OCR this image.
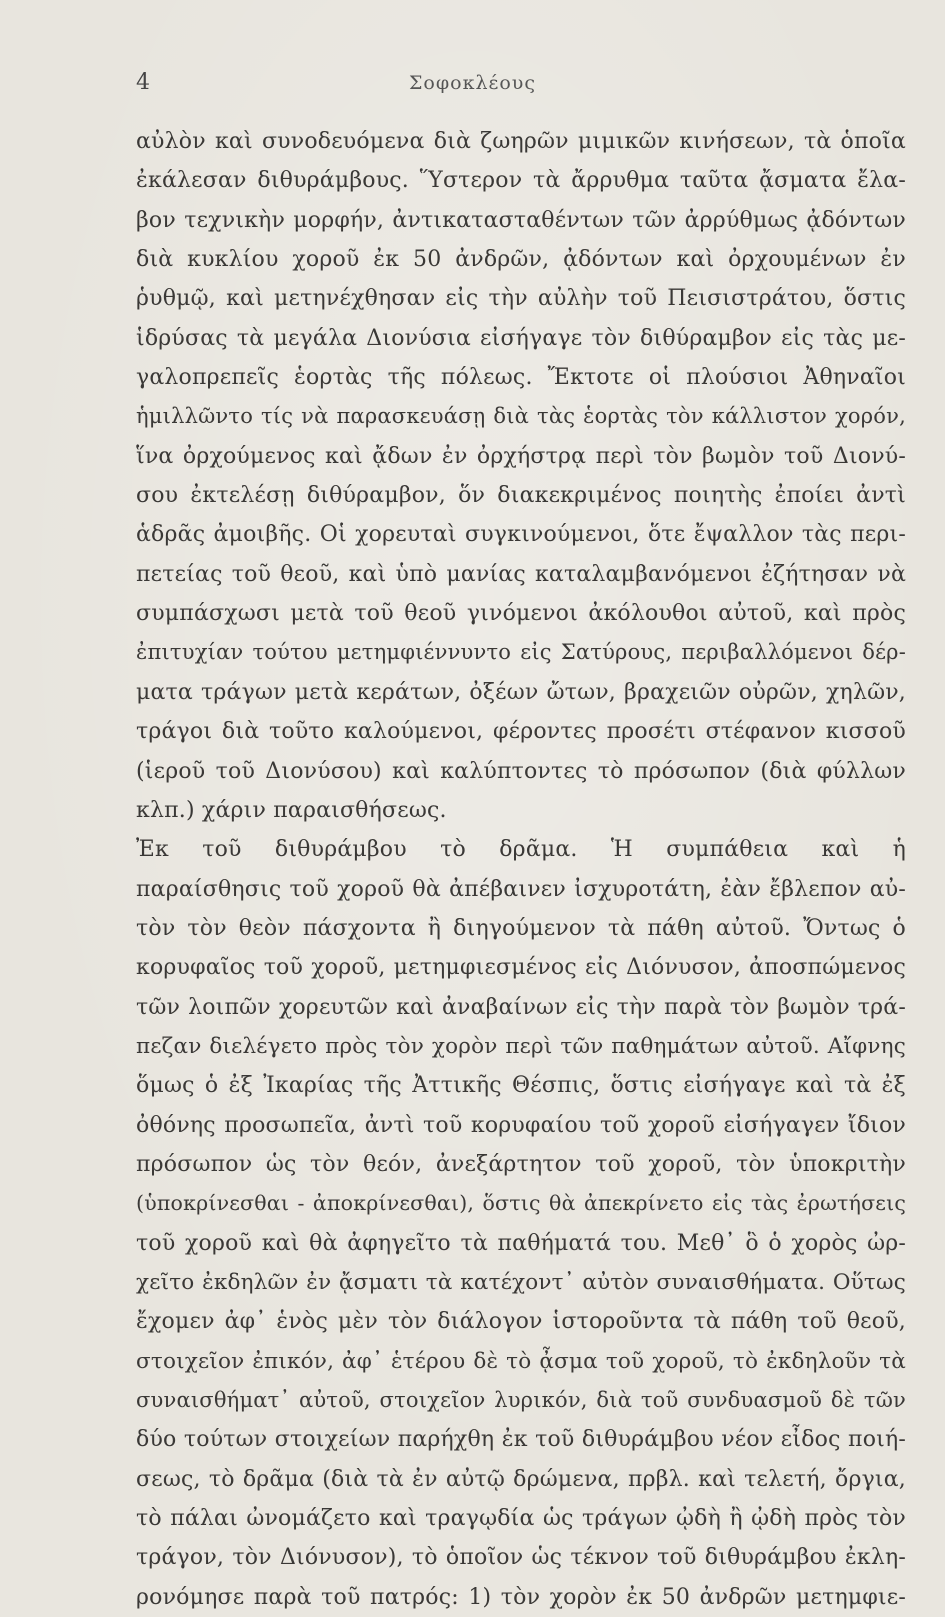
4	Σοφοκλέους
αὐλὸν καὶ συνοδευόμενα διὰ ζωηρῶν μιμικῶν κινήσεων, τὰ ὁποῖα
ἐκάλεσαν διθυράμβους. Ὕστερον τὰ ἄρρυθμα ταῦτα ᾄσματα ἔλα-
βον τεχνικὴν μορφήν, ἀντικατασταθέντων τῶν ἀρρύθμως ᾀδόντων
διὰ κυκλίου χοροῦ ἐκ 50 ἀνδρῶν, ᾀδόντων καὶ ὀρχουμένων ἐν
ῥυθμῷ, καὶ μετηνέχθησαν εἰς τὴν αὐλὴν τοῦ Πεισιστράτου, ὅστις
ἱδρύσας τὰ μεγάλα Διονύσια εἰσήγαγε τὸν διθύραμβον εἰς τὰς με-
γαλοπρεπεῖς ἑορτὰς τῆς πόλεως. Ἔκτοτε οἱ πλούσιοι Ἀθηναῖοι
ἡμιλλῶντο τίς νὰ παρασκευάσῃ διὰ τὰς ἑορτὰς τὸν κάλλιστον χορόν,
ἵνα ὀρχούμενος καὶ ᾄδων ἐν ὀρχήστρᾳ περὶ τὸν βωμὸν τοῦ Διονύ-
σου ἐκτελέσῃ διθύραμβον, ὅν διακεκριμένος ποιητὴς ἐποίει ἀντὶ
ἁδρᾶς ἀμοιβῆς. Οἱ χορευταὶ συγκινούμενοι, ὅτε ἔψαλλον τὰς περι-
πετείας τοῦ θεοῦ, καὶ ὑπὸ μανίας καταλαμβανόμενοι ἐζήτησαν νὰ
συμπάσχωσι μετὰ τοῦ θεοῦ γινόμενοι ἀκόλουθοι αὐτοῦ, καὶ πρὸς
ἐπιτυχίαν τούτου μετημφιέννυντο εἰς Σατύρους, περιβαλλόμενοι δέρ-
ματα τράγων μετὰ κεράτων, ὀξέων ὤτων, βραχειῶν οὐρῶν, χηλῶν,
τράγοι διὰ τοῦτο καλούμενοι, φέροντες προσέτι στέφανον κισσοῦ
(ἱεροῦ τοῦ Διονύσου) καὶ καλύπτοντες τὸ πρόσωπον (διὰ φύλλων
κλπ.) χάριν παραισθήσεως.
Ἐκ τοῦ διθυράμβου τὸ δρᾶμα. Ἡ συμπάθεια καὶ ἡ
παραίσθησις τοῦ χοροῦ θὰ ἀπέβαινεν ἰσχυροτάτη, ἐὰν ἔβλεπον αὐ-
τὸν τὸν θεὸν πάσχοντα ἢ διηγούμενον τὰ πάθη αὐτοῦ. Ὄντως ὁ
κορυφαῖος τοῦ χοροῦ, μετημφιεσμένος εἰς Διόνυσον, ἀποσπώμενος
τῶν λοιπῶν χορευτῶν καὶ ἀναβαίνων εἰς τὴν παρὰ τὸν βωμὸν τρά-
πεζαν διελέγετο πρὸς τὸν χορὸν περὶ τῶν παθημάτων αὐτοῦ. Αἴφνης
ὅμως ὁ ἐξ Ἰκαρίας τῆς Ἀττικῆς Θέσπις, ὅστις εἰσήγαγε καὶ τὰ ἐξ
ὀθόνης προσωπεῖα, ἀντὶ τοῦ κορυφαίου τοῦ χοροῦ εἰσήγαγεν ἴδιον
πρόσωπον ὡς τὸν θεόν, ἀνεξάρτητον τοῦ χοροῦ, τὸν ὑποκριτὴν
(ὑποκρίνεσθαι - ἀποκρίνεσθαι), ὅστις θὰ ἀπεκρίνετο εἰς τὰς ἐρωτήσεις
τοῦ χοροῦ καὶ θὰ ἀφηγεῖτο τὰ παθήματά του. Μεθ᾽ ὃ ὁ χορὸς ὠρ-
χεῖτο ἐκδηλῶν ἐν ᾄσματι τὰ κατέχοντ᾽ αὐτὸν συναισθήματα. Οὕτως
ἔχομεν ἀφ᾽ ἑνὸς μὲν τὸν διάλογον ἱστοροῦντα τὰ πάθη τοῦ θεοῦ,
στοιχεῖον ἐπικόν, ἀφ᾽ ἑτέρου δὲ τὸ ᾆσμα τοῦ χοροῦ, τὸ ἐκδηλοῦν τὰ
συναισθήματ᾽ αὐτοῦ, στοιχεῖον λυρικόν, διὰ τοῦ συνδυασμοῦ δὲ τῶν
δύο τούτων στοιχείων παρήχθη ἐκ τοῦ διθυράμβου νέον εἶδος ποιή-
σεως, τὸ δρᾶμα (διὰ τὰ ἐν αὐτῷ δρώμενα, πρβλ. καὶ τελετή, ὄργια,
τὸ πάλαι ὠνομάζετο καὶ τραγῳδία ὡς τράγων ᾠδὴ ἢ ᾠδὴ πρὸς τὸν
τράγον, τὸν Διόνυσον), τὸ ὁποῖον ὡς τέκνον τοῦ διθυράμβου ἐκλη-
ρονόμησε παρὰ τοῦ πατρός: 1) τὸν χορὸν ἐκ 50 ἀνδρῶν μετημφιε-
